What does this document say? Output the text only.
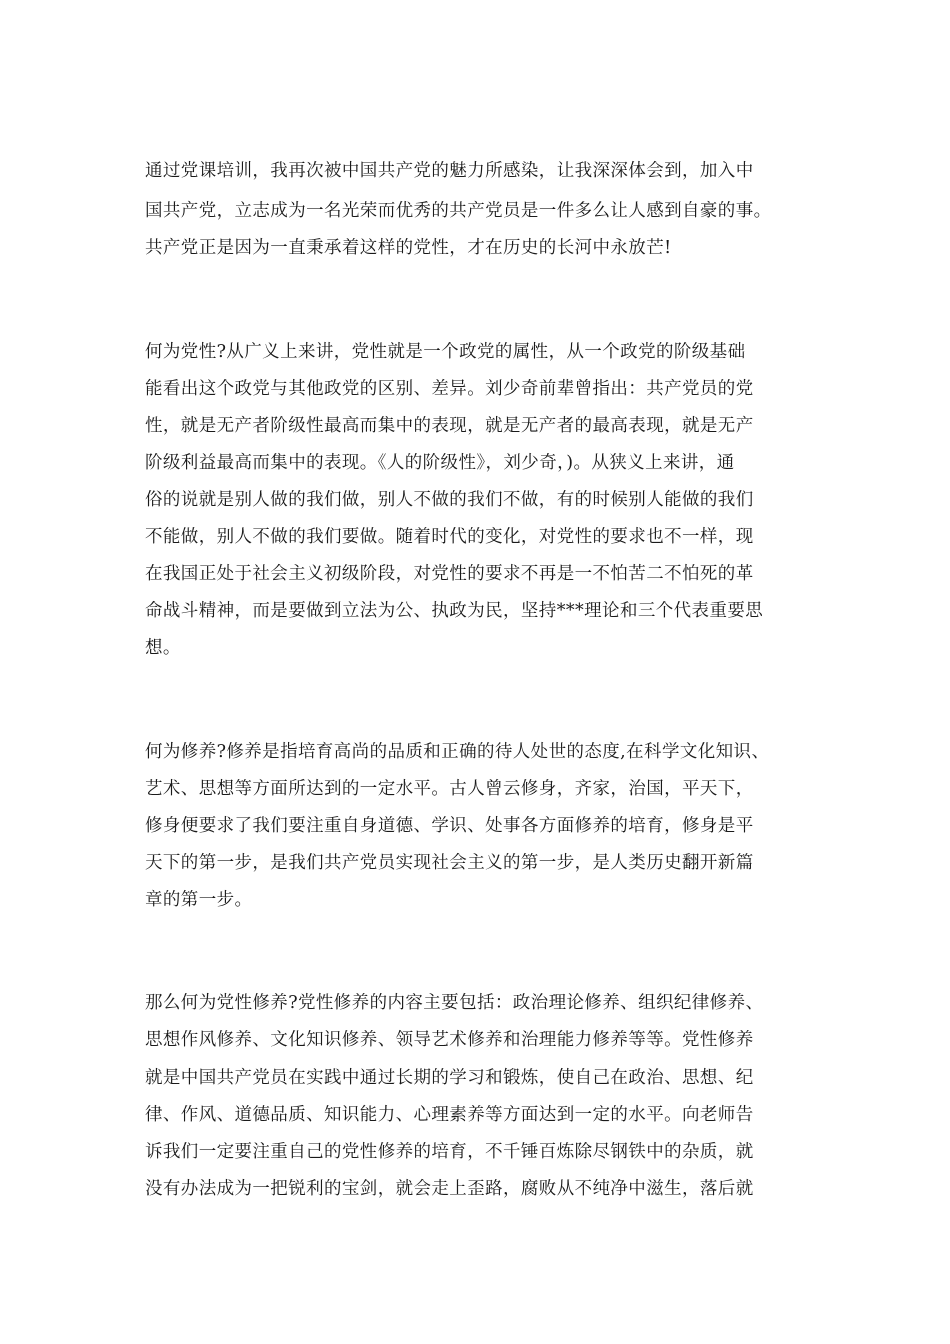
通过党课培训，我再次被中国共产党的魅力所感染，让我深深体会到，加入中
国共产党，立志成为一名光荣而优秀的共产党员是一件多么让人感到自豪的事。
共产党正是因为一直秉承着这样的党性，才在历史的长河中永放芒!
何为党性?从广义上来讲，党性就是一个政党的属性，从一个政党的阶级基础
能看出这个政党与其他政党的区别、差异。刘少奇前辈曾指出：共产党员的党
性，就是无产者阶级性最高而集中的表现，就是无产者的最高表现，就是无产
阶级利益最高而集中的表现。《人的阶级性》，刘少奇，)。从狭义上来讲，通
俗的说就是别人做的我们做，别人不做的我们不做，有的时候别人能做的我们
不能做，别人不做的我们要做。随着时代的变化，对党性的要求也不一样，现
在我国正处于社会主义初级阶段，对党性的要求不再是一不怕苦二不怕死的革
命战斗精神，而是要做到立法为公、执政为民，坚持***理论和三个代表重要思
想。
何为修养?修养是指培育高尚的品质和正确的待人处世的态度,在科学文化知识、
艺术、思想等方面所达到的一定水平。古人曾云修身，齐家，治国，平天下，
修身便要求了我们要注重自身道德、学识、处事各方面修养的培育，修身是平
天下的第一步，是我们共产党员实现社会主义的第一步，是人类历史翻开新篇
章的第一步。
那么何为党性修养?党性修养的内容主要包括：政治理论修养、组织纪律修养、
思想作风修养、文化知识修养、领导艺术修养和治理能力修养等等。党性修养
就是中国共产党员在实践中通过长期的学习和锻炼，使自己在政治、思想、纪
律、作风、道德品质、知识能力、心理素养等方面达到一定的水平。向老师告
诉我们一定要注重自己的党性修养的培育，不千锤百炼除尽钢铁中的杂质，就
没有办法成为一把锐利的宝剑，就会走上歪路，腐败从不纯净中滋生，落后就
